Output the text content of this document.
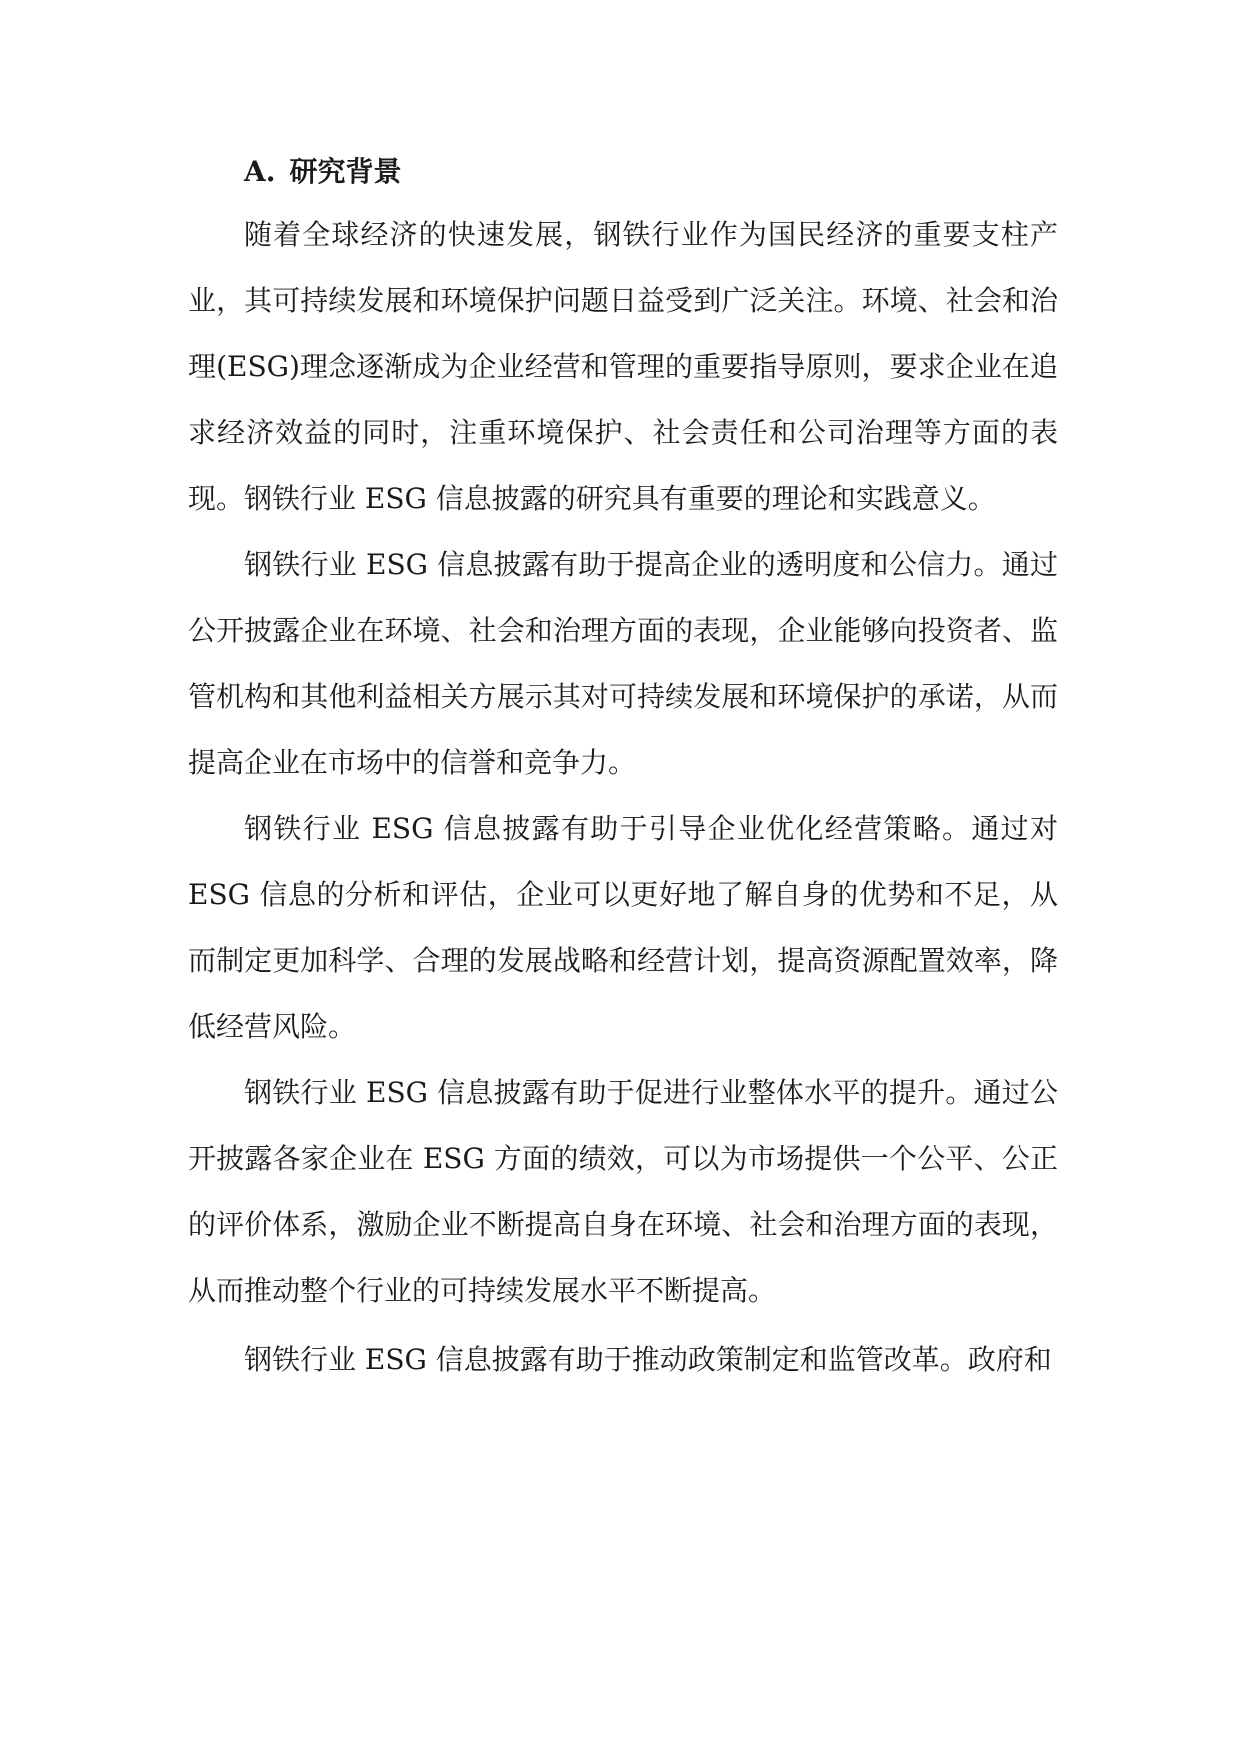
A. 研究背景

随着全球经济的快速发展，钢铁行业作为国民经济的重要支柱产业，其可持续发展和环境保护问题日益受到广泛关注。环境、社会和治理(ESG)理念逐渐成为企业经营和管理的重要指导原则，要求企业在追求经济效益的同时，注重环境保护、社会责任和公司治理等方面的表现。钢铁行业 ESG 信息披露的研究具有重要的理论和实践意义。

钢铁行业 ESG 信息披露有助于提高企业的透明度和公信力。通过公开披露企业在环境、社会和治理方面的表现，企业能够向投资者、监管机构和其他利益相关方展示其对可持续发展和环境保护的承诺，从而提高企业在市场中的信誉和竞争力。

钢铁行业 ESG 信息披露有助于引导企业优化经营策略。通过对 ESG 信息的分析和评估，企业可以更好地了解自身的优势和不足，从而制定更加科学、合理的发展战略和经营计划，提高资源配置效率，降低经营风险。

钢铁行业 ESG 信息披露有助于促进行业整体水平的提升。通过公开披露各家企业在 ESG 方面的绩效，可以为市场提供一个公平、公正的评价体系，激励企业不断提高自身在环境、社会和治理方面的表现，从而推动整个行业的可持续发展水平不断提高。

钢铁行业 ESG 信息披露有助于推动政策制定和监管改革。政府和
